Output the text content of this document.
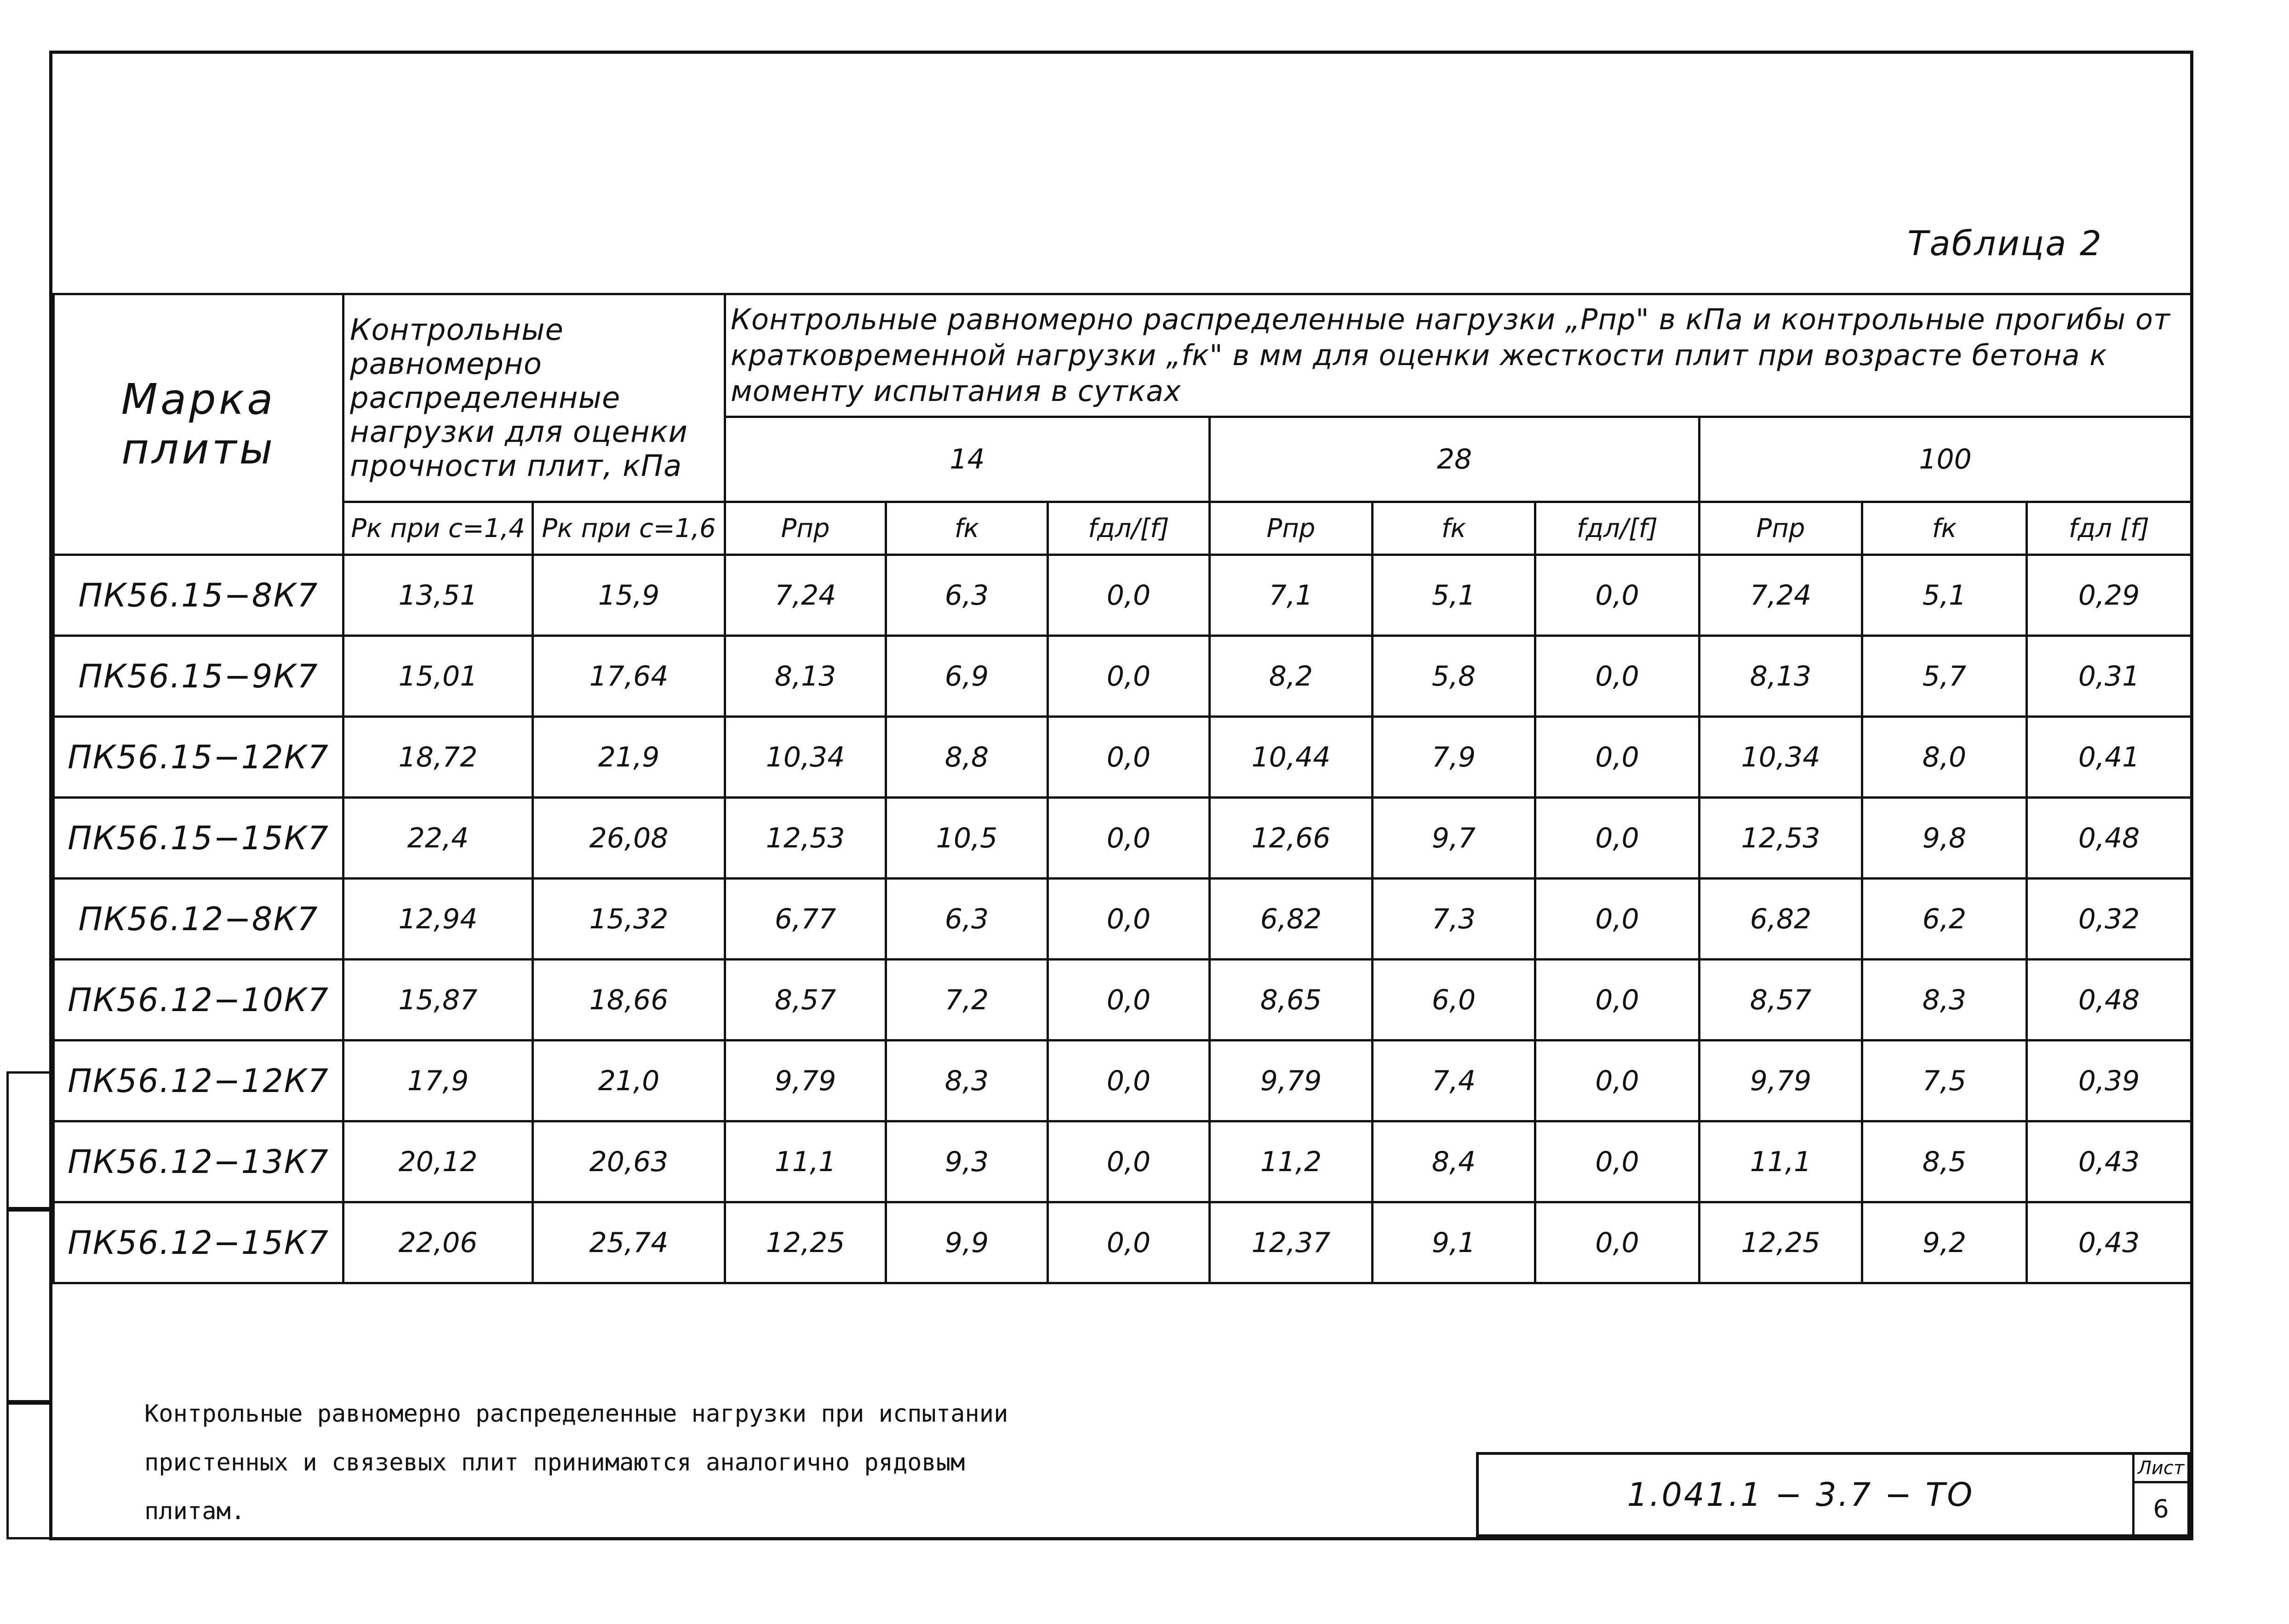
Таблица 2
Марка плиты	Контрольные равномерно распределенные нагрузки для оценки прочности плит, кПа		Контрольные равномерно распределенные нагрузки „Рпр" в кПа и контрольные прогибы от кратковременной нагрузки „fк" в мм для оценки жесткости плит при возрасте бетона к моменту испытания в сутках								
			14			28			100		
	Рк при с=1,4	Рк при с=1,6	Рпр	fк	fдл/[f]	Рпр	fк	fдл/[f]	Рпр	fк	fдл [f]
ПК56.15−8К7	13,51	15,9	7,24	6,3	0,0	7,1	5,1	0,0	7,24	5,1	0,29
ПК56.15−9К7	15,01	17,64	8,13	6,9	0,0	8,2	5,8	0,0	8,13	5,7	0,31
ПК56.15−12К7	18,72	21,9	10,34	8,8	0,0	10,44	7,9	0,0	10,34	8,0	0,41
ПК56.15−15К7	22,4	26,08	12,53	10,5	0,0	12,66	9,7	0,0	12,53	9,8	0,48
ПК56.12−8К7	12,94	15,32	6,77	6,3	0,0	6,82	7,3	0,0	6,82	6,2	0,32
ПК56.12−10К7	15,87	18,66	8,57	7,2	0,0	8,65	6,0	0,0	8,57	8,3	0,48
ПК56.12−12К7	17,9	21,0	9,79	8,3	0,0	9,79	7,4	0,0	9,79	7,5	0,39
ПК56.12−13К7	20,12	20,63	11,1	9,3	0,0	11,2	8,4	0,0	11,1	8,5	0,43
ПК56.12−15К7	22,06	25,74	12,25	9,9	0,0	12,37	9,1	0,0	12,25	9,2	0,43
Контрольные равномерно распределенные нагрузки при испытании
пристенных и связевых плит принимаются аналогично рядовым
плитам.	1.041.1 − 3.7 − ТО
Лист
6
